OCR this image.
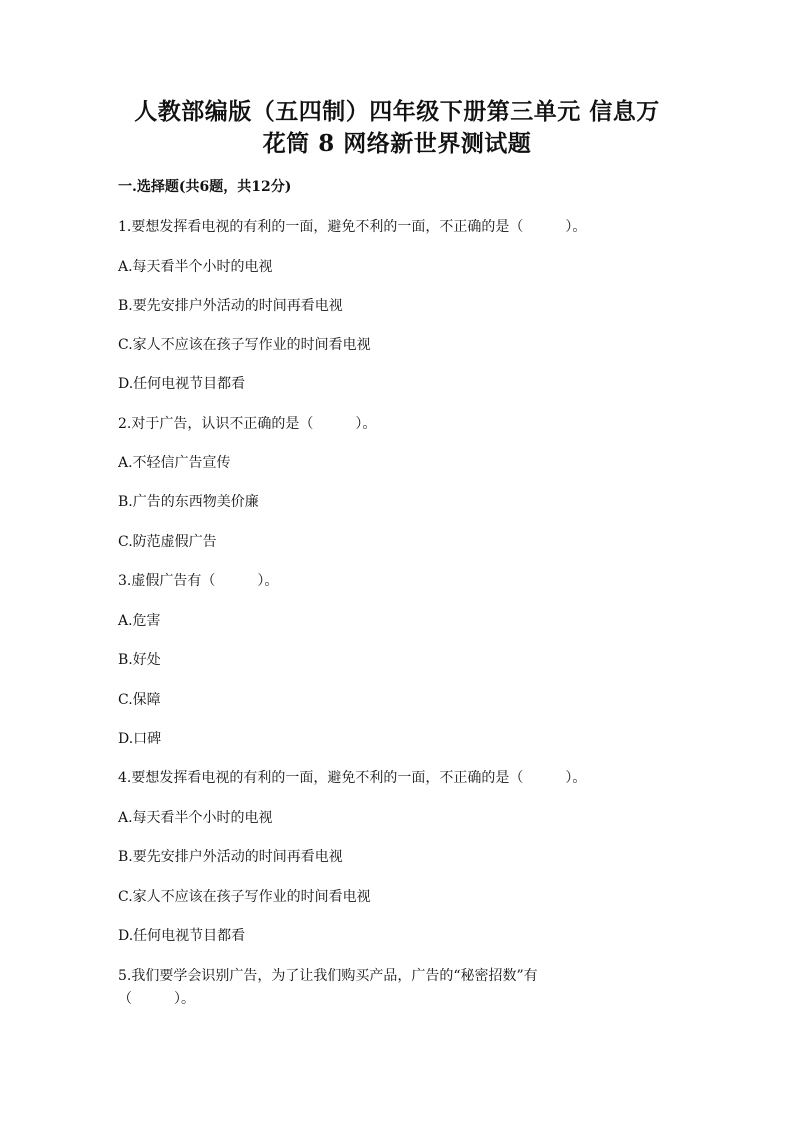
人教部编版（五四制）四年级下册第三单元 信息万
花筒 8 网络新世界测试题
一.选择题(共6题，共12分)
1.要想发挥看电视的有利的一面，避免不利的一面，不正确的是（　　　）。
A.每天看半个小时的电视
B.要先安排户外活动的时间再看电视
C.家人不应该在孩子写作业的时间看电视
D.任何电视节目都看
2.对于广告，认识不正确的是（　　　）。
A.不轻信广告宣传
B.广告的东西物美价廉
C.防范虚假广告
3.虚假广告有（　　　）。
A.危害
B.好处
C.保障
D.口碑
4.要想发挥看电视的有利的一面，避免不利的一面，不正确的是（　　　）。
A.每天看半个小时的电视
B.要先安排户外活动的时间再看电视
C.家人不应该在孩子写作业的时间看电视
D.任何电视节目都看
5.我们要学会识别广告，为了让我们购买产品，广告的“秘密招数”有
（　　　）。
